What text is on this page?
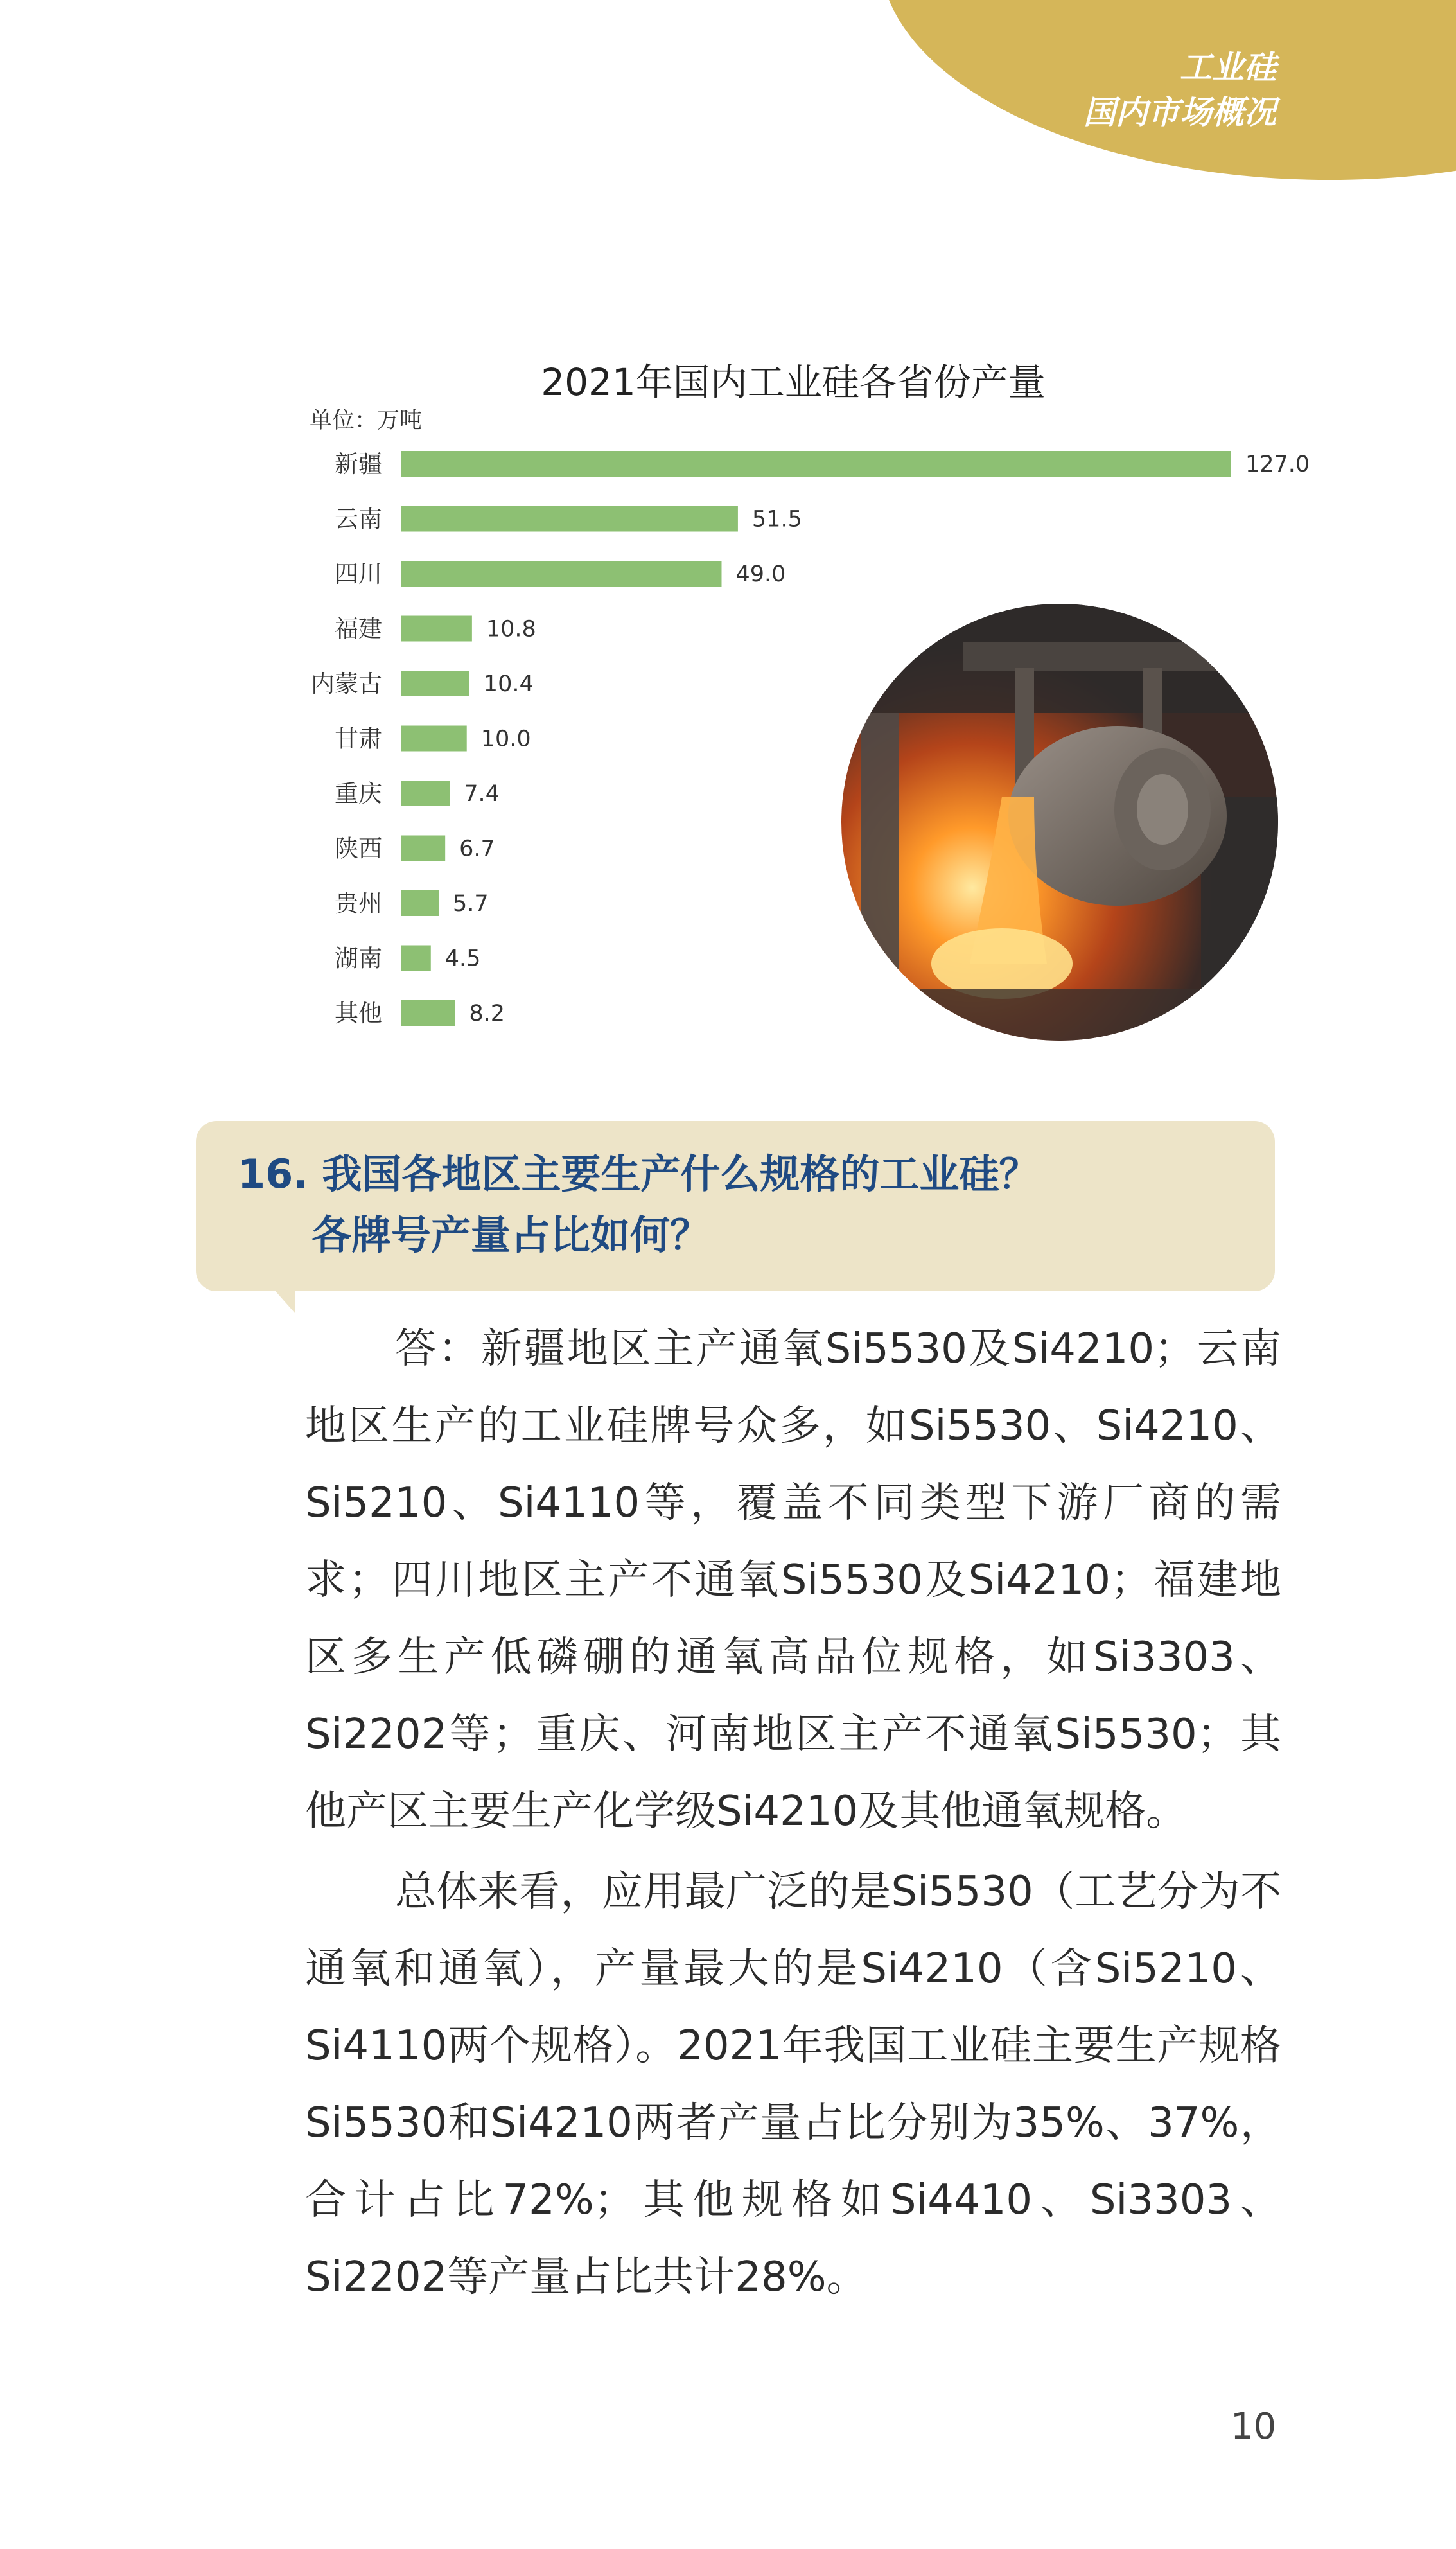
工业硅
国内市场概况
2021年国内工业硅各省份产量
单位：万吨
新疆	127.0
云南	51.5
四川	49.0
福建	10.8
内蒙古	10.4
甘肃	10.0
重庆	7.4
陕西	6.7
贵州	5.7
湖南	4.5
其他	8.2
16. 我国各地区主要生产什么规格的工业硅？
各牌号产量占比如何？

答：新疆地区主产通氧Si5530及Si4210；云南地区生产的工业硅牌号众多，如Si5530、Si4210、Si5210、Si4110等，覆盖不同类型下游厂商的需求；四川地区主产不通氧Si5530及Si4210；福建地区多生产低磷硼的通氧高品位规格，如Si3303、Si2202等；重庆、河南地区主产不通氧Si5530；其他产区主要生产化学级Si4210及其他通氧规格。

总体来看，应用最广泛的是Si5530（工艺分为不通氧和通氧），产量最大的是Si4210（含Si5210、Si4110两个规格）。2021年我国工业硅主要生产规格Si5530和Si4210两者产量占比分别为35%、37%，合计占比72%；其他规格如Si4410、Si3303、Si2202等产量占比共计28%。

10
